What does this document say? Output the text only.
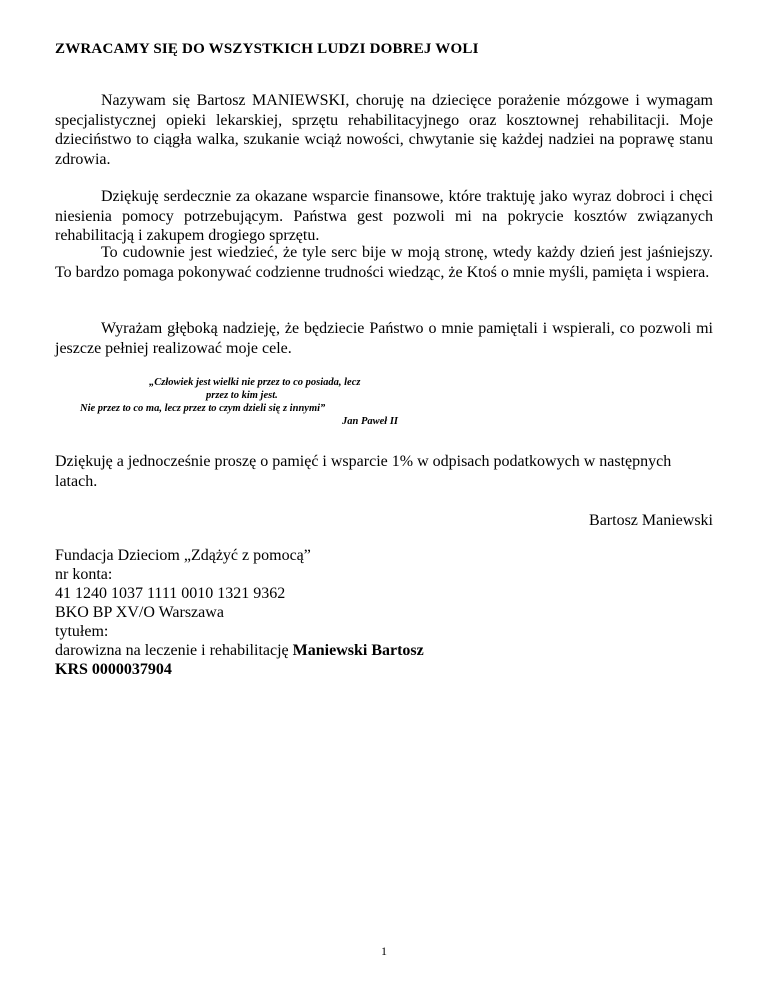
ZWRACAMY SIĘ DO WSZYSTKICH LUDZI DOBREJ WOLI

Nazywam się Bartosz MANIEWSKI, choruję na dziecięce porażenie mózgowe i wymagam specjalistycznej opieki lekarskiej, sprzętu rehabilitacyjnego oraz kosztownej rehabilitacji. Moje dzieciństwo to ciągła walka, szukanie wciąż nowości, chwytanie się każdej nadziei na poprawę stanu zdrowia.

Dziękuję serdecznie za okazane wsparcie finansowe, które traktuję jako wyraz dobroci i chęci niesienia pomocy potrzebującym. Państwa gest pozwoli mi na pokrycie kosztów związanych rehabilitacją i zakupem drogiego sprzętu.

To cudownie jest wiedzieć, że tyle serc bije w moją stronę, wtedy każdy dzień jest jaśniejszy. To bardzo pomaga pokonywać codzienne trudności wiedząc, że Ktoś o mnie myśli, pamięta i wspiera.

Wyrażam głęboką nadzieję, że będziecie Państwo o mnie pamiętali i wspierali, co pozwoli mi jeszcze pełniej realizować moje cele.

„Człowiek jest wielki nie przez to co posiada, lecz

przez to kim jest.

Nie przez to co ma, lecz przez to czym dzieli się z innymi”

Jan Paweł II

Dziękuję a jednocześnie proszę o pamięć i wsparcie 1% w odpisach podatkowych w następnych latach.

Bartosz Maniewski

Fundacja Dzieciom „Zdążyć z pomocą”

nr konta:

41 1240 1037 1111 0010 1321 9362

BKO BP XV/O Warszawa

tytułem:

darowizna na leczenie i rehabilitację Maniewski Bartosz

KRS 0000037904

1
